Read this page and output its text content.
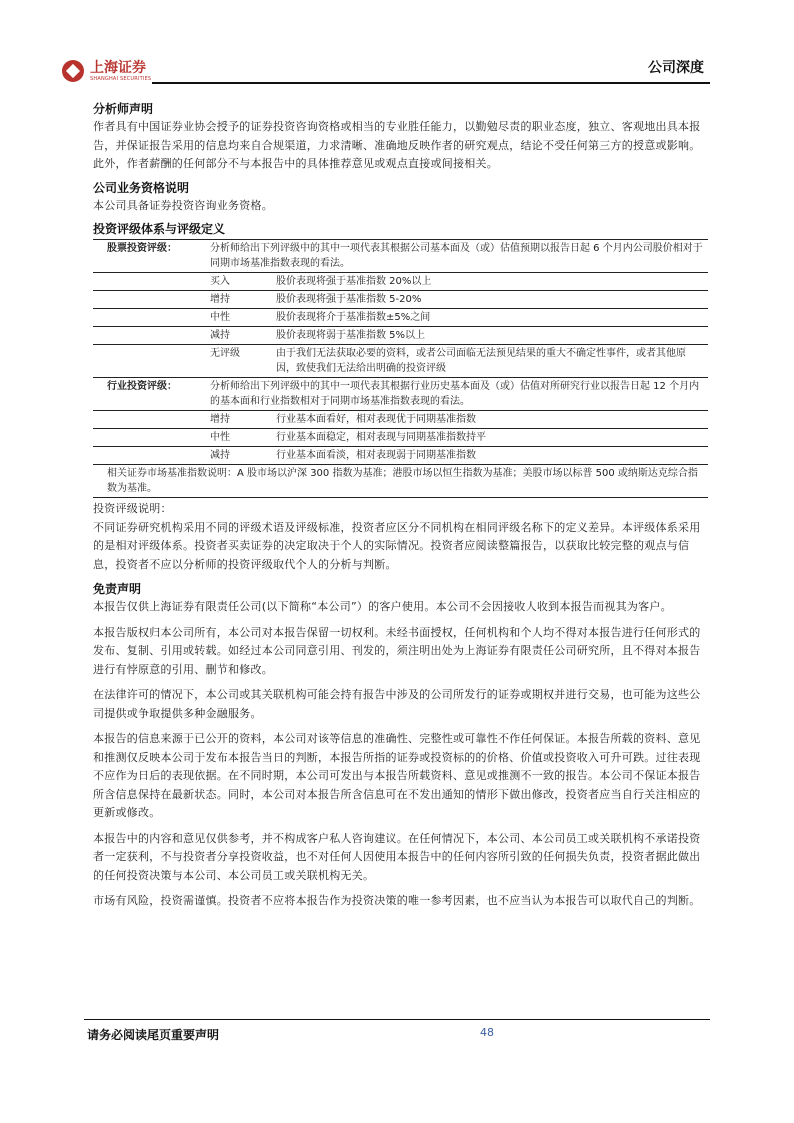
上海证券
SHANGHAI SECURITIES
公司深度

分析师声明

作者具有中国证券业协会授予的证券投资咨询资格或相当的专业胜任能力，以勤勉尽责的职业态度，独立、客观地出具本报告，并保证报告采用的信息均来自合规渠道，力求清晰、准确地反映作者的研究观点，结论不受任何第三方的授意或影响。此外，作者薪酬的任何部分不与本报告中的具体推荐意见或观点直接或间接相关。

公司业务资格说明

本公司具备证券投资咨询业务资格。

投资评级体系与评级定义

股票投资评级：	分析师给出下列评级中的其中一项代表其根据公司基本面及（或）估值预期以报告日起 6 个月内公司股价相对于同期市场基准指数表现的看法。	
	买入	股价表现将强于基准指数 20%以上
	增持	股价表现将强于基准指数 5-20%
	中性	股价表现将介于基准指数±5%之间
	减持	股价表现将弱于基准指数 5%以上
	无评级	由于我们无法获取必要的资料，或者公司面临无法预见结果的重大不确定性事件，或者其他原因，致使我们无法给出明确的投资评级
行业投资评级：	分析师给出下列评级中的其中一项代表其根据行业历史基本面及（或）估值对所研究行业以报告日起 12 个月内的基本面和行业指数相对于同期市场基准指数表现的看法。	
	增持	行业基本面看好，相对表现优于同期基准指数
	中性	行业基本面稳定，相对表现与同期基准指数持平
	减持	行业基本面看淡，相对表现弱于同期基准指数
相关证券市场基准指数说明：A 股市场以沪深 300 指数为基准；港股市场以恒生指数为基准；美股市场以标普 500 或纳斯达克综合指数为基准。		

投资评级说明：

不同证券研究机构采用不同的评级术语及评级标准，投资者应区分不同机构在相同评级名称下的定义差异。本评级体系采用的是相对评级体系。投资者买卖证券的决定取决于个人的实际情况。投资者应阅读整篇报告，以获取比较完整的观点与信息，投资者不应以分析师的投资评级取代个人的分析与判断。

免责声明

本报告仅供上海证券有限责任公司(以下简称“本公司”）的客户使用。本公司不会因接收人收到本报告而视其为客户。

本报告版权归本公司所有，本公司对本报告保留一切权利。未经书面授权，任何机构和个人均不得对本报告进行任何形式的发布、复制、引用或转载。如经过本公司同意引用、刊发的，须注明出处为上海证券有限责任公司研究所，且不得对本报告进行有悖原意的引用、删节和修改。

在法律许可的情况下，本公司或其关联机构可能会持有报告中涉及的公司所发行的证券或期权并进行交易，也可能为这些公司提供或争取提供多种金融服务。

本报告的信息来源于已公开的资料，本公司对该等信息的准确性、完整性或可靠性不作任何保证。本报告所载的资料、意见和推测仅反映本公司于发布本报告当日的判断，本报告所指的证券或投资标的的价格、价值或投资收入可升可跌。过往表现不应作为日后的表现依据。在不同时期，本公司可发出与本报告所载资料、意见或推测不一致的报告。本公司不保证本报告所含信息保持在最新状态。同时，本公司对本报告所含信息可在不发出通知的情形下做出修改，投资者应当自行关注相应的更新或修改。

本报告中的内容和意见仅供参考，并不构成客户私人咨询建议。在任何情况下，本公司、本公司员工或关联机构不承诺投资者一定获利，不与投资者分享投资收益，也不对任何人因使用本报告中的任何内容所引致的任何损失负责，投资者据此做出的任何投资决策与本公司、本公司员工或关联机构无关。

市场有风险，投资需谨慎。投资者不应将本报告作为投资决策的唯一参考因素，也不应当认为本报告可以取代自己的判断。

请务必阅读尾页重要声明	48
